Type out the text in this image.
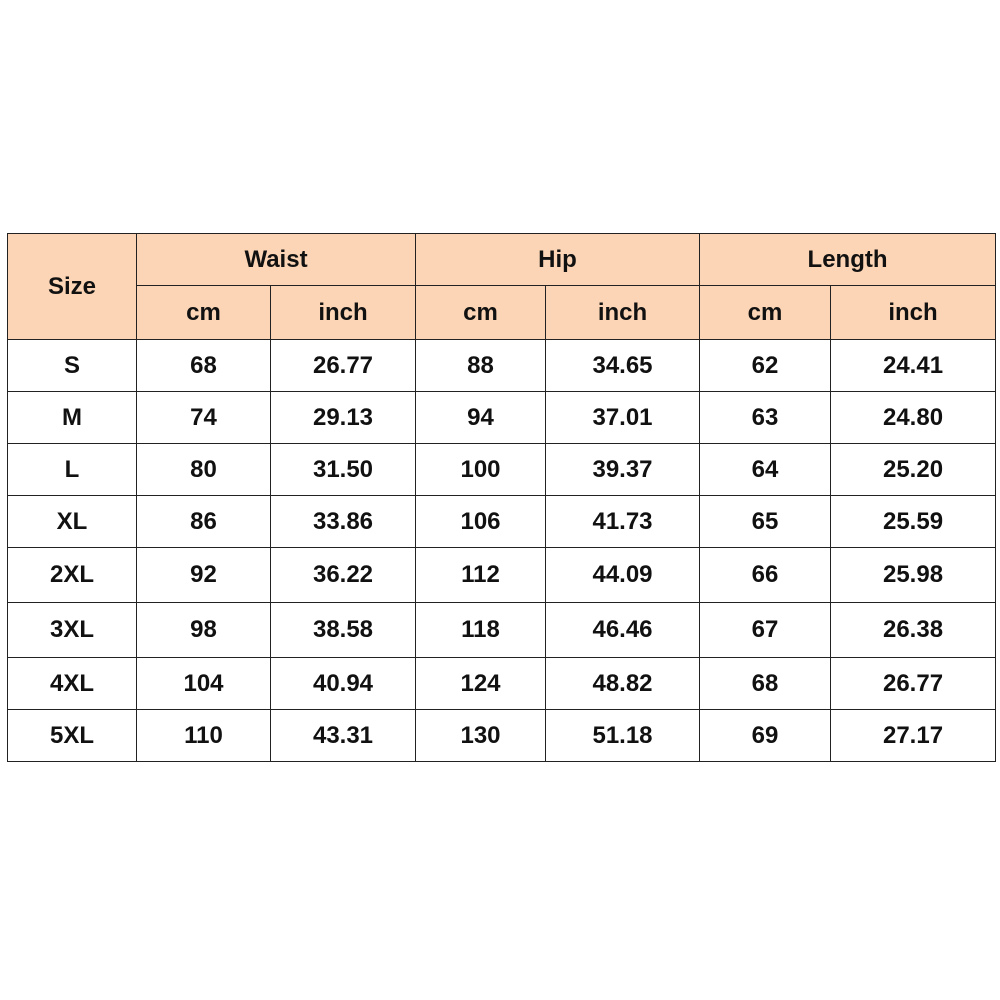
Size	Waist		Hip		Length	
	cm	inch	cm	inch	cm	inch
S	68	26.77	88	34.65	62	24.41
M	74	29.13	94	37.01	63	24.80
L	80	31.50	100	39.37	64	25.20
XL	86	33.86	106	41.73	65	25.59
2XL	92	36.22	112	44.09	66	25.98
3XL	98	38.58	118	46.46	67	26.38
4XL	104	40.94	124	48.82	68	26.77
5XL	110	43.31	130	51.18	69	27.17
